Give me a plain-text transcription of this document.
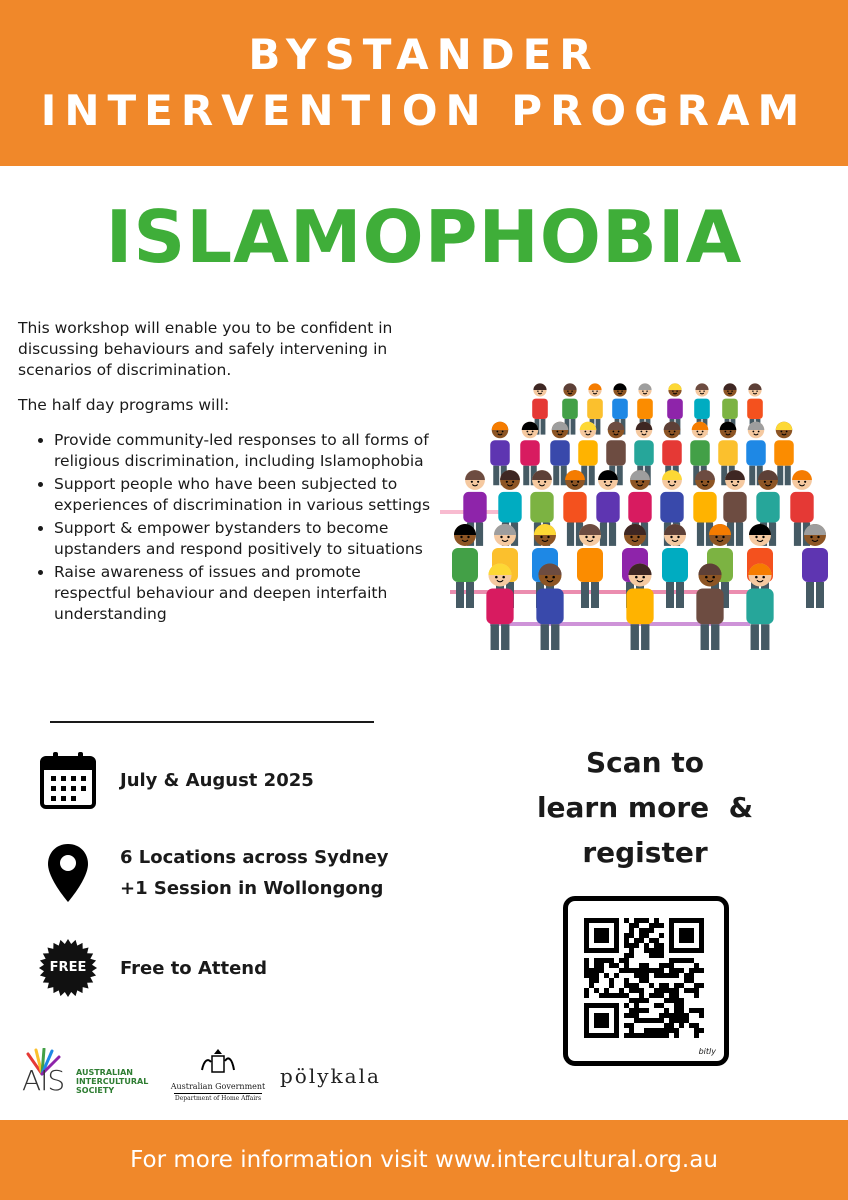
BYSTANDER
INTERVENTION PROGRAM
ISLAMOPHOBIA

This workshop will enable you to be confident in discussing behaviours and safely intervening in scenarios of discrimination.

The half day programs will:

• Provide community-led responses to all forms of religious discrimination, including Islamophobia
• Support people who have been subjected to experiences of discrimination in various settings
• Support & empower bystanders to become upstanders and respond positively to situations
• Raise awareness of issues and promote respectful behaviour and deepen interfaith understanding
July & August 2025
6 Locations across Sydney
+1 Session in Wollongong
FREE	Free to Attend
Scan to
learn more  &
register
bitly
AIS AUSTRALIAN
INTERCULTURAL
SOCIETY	Australian Government
Department of Home Affairs
pölykala
For more information visit www.intercultural.org.au
